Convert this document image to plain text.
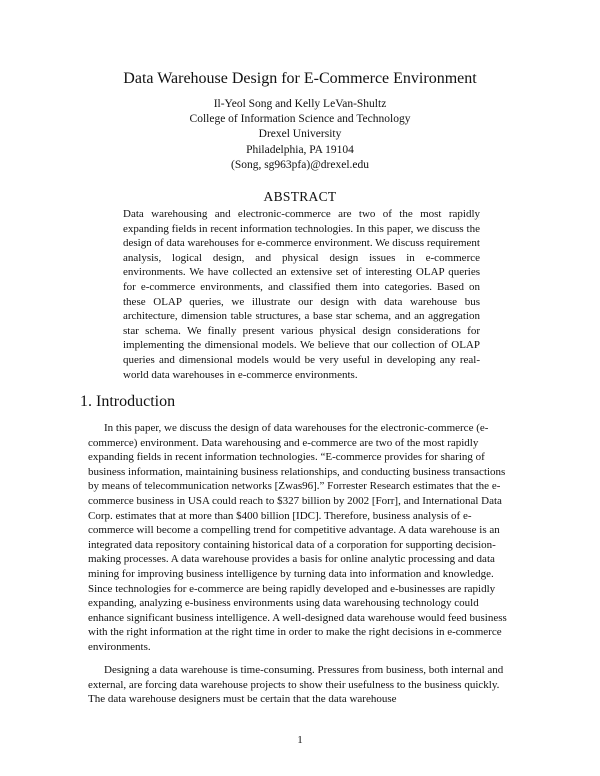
Data Warehouse Design for E-Commerce Environment
Il-Yeol Song and Kelly LeVan-Shultz
College of Information Science and Technology
Drexel University
Philadelphia, PA 19104
(Song, sg963pfa)@drexel.edu
ABSTRACT
Data warehousing and electronic-commerce are two of the most rapidly expanding fields in recent information technologies. In this paper, we discuss the design of data warehouses for e-commerce environment. We discuss requirement analysis, logical design, and physical design issues in e-commerce environments. We have collected an extensive set of interesting OLAP queries for e-commerce environments, and classified them into categories. Based on these OLAP queries, we illustrate our design with data warehouse bus architecture, dimension table structures, a base star schema, and an aggregation star schema. We finally present various physical design considerations for implementing the dimensional models. We believe that our collection of OLAP queries and dimensional models would be very useful in developing any real-world data warehouses in e-commerce environments.
1. Introduction

In this paper, we discuss the design of data warehouses for the electronic-commerce (e-commerce) environment. Data warehousing and e-commerce are two of the most rapidly expanding fields in recent information technologies. “E-commerce provides for sharing of business information, maintaining business relationships, and conducting business transactions by means of telecommunication networks [Zwas96].” Forrester Research estimates that the e-commerce business in USA could reach to $327 billion by 2002 [Forr], and International Data Corp. estimates that at more than $400 billion [IDC]. Therefore, business analysis of e-commerce will become a compelling trend for competitive advantage. A data warehouse is an integrated data repository containing historical data of a corporation for supporting decision-making processes. A data warehouse provides a basis for online analytic processing and data mining for improving business intelligence by turning data into information and knowledge. Since technologies for e-commerce are being rapidly developed and e-businesses are rapidly expanding, analyzing e-business environments using data warehousing technology could enhance significant business intelligence. A well-designed data warehouse would feed business with the right information at the right time in order to make the right decisions in e-commerce environments.

Designing a data warehouse is time-consuming. Pressures from business, both internal and external, are forcing data warehouse projects to show their usefulness to the business quickly. The data warehouse designers must be certain that the data warehouse

1
